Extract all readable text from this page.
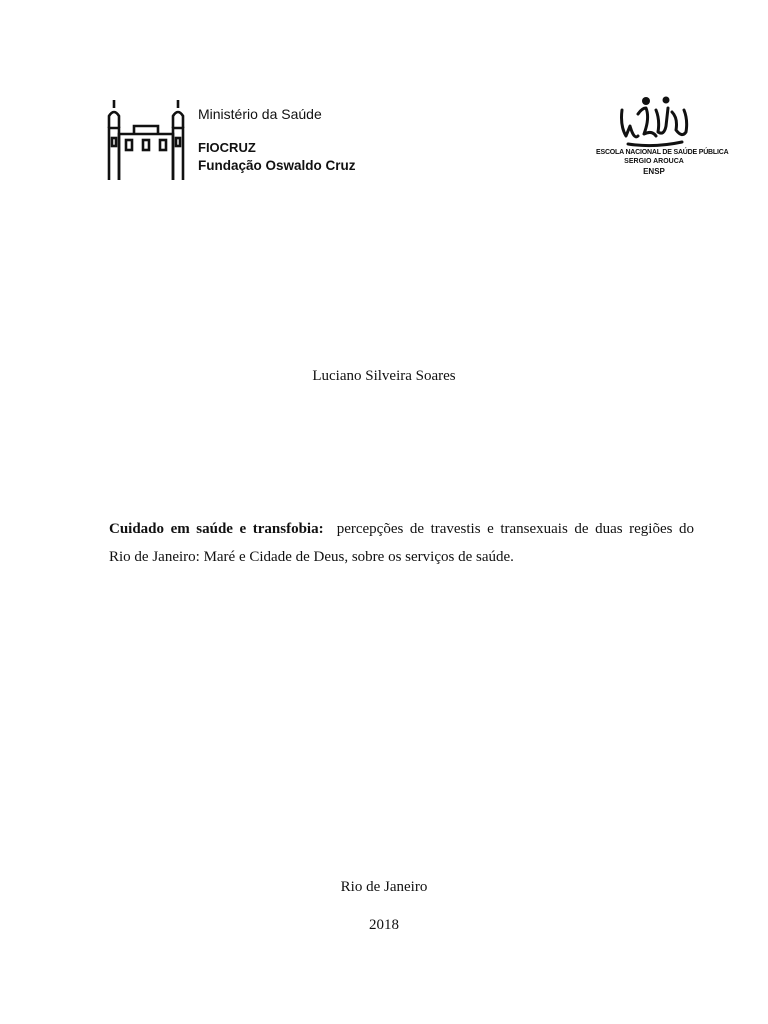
Ministério da Saúde

FIOCRUZ

Fundação Oswaldo Cruz

ESCOLA NACIONAL DE SAÚDE PÚBLICA
SERGIO AROUCA
ENSP
Luciano Silveira Soares
Cuidado em saúde e transfobia: percepções de travestis e transexuais de duas regiões do
Rio de Janeiro: Maré e Cidade de Deus, sobre os serviços de saúde.
Rio de Janeiro
2018
